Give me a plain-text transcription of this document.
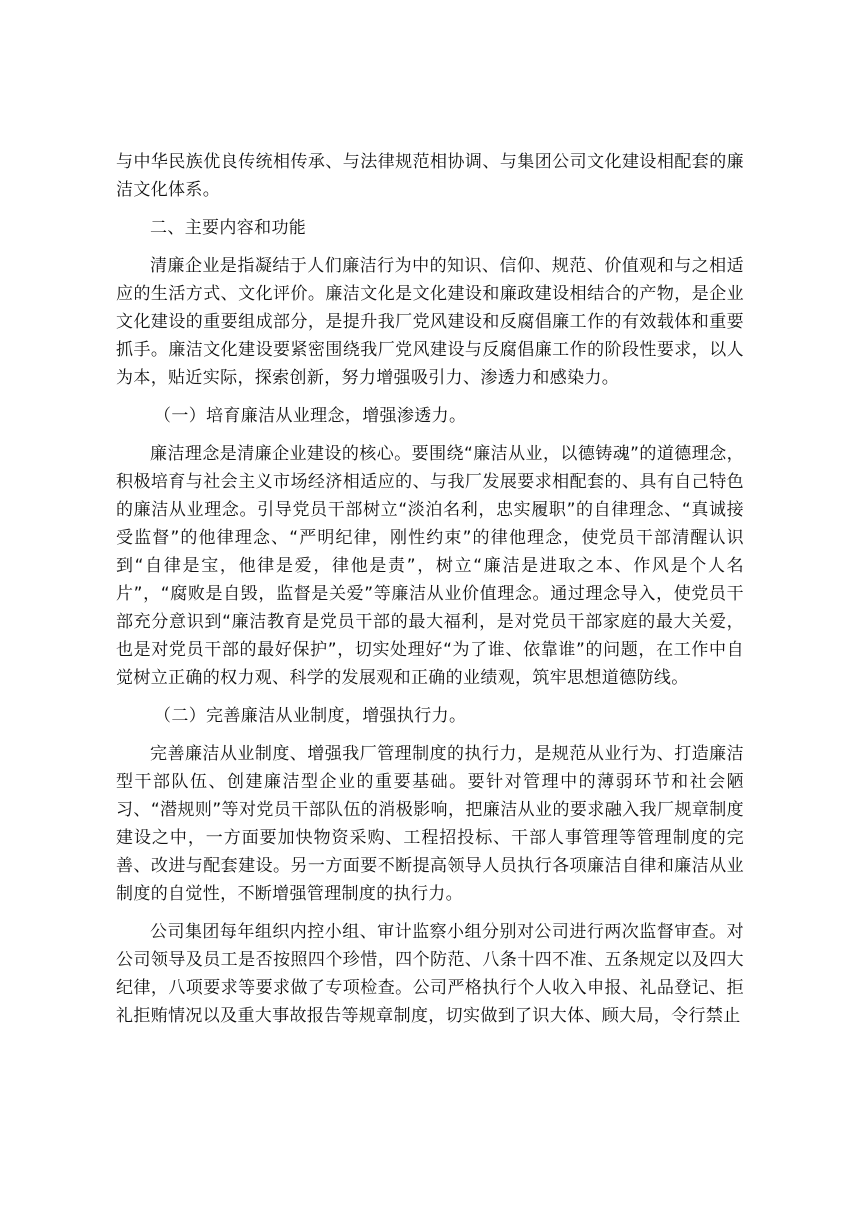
与中华民族优良传统相传承、与法律规范相协调、与集团公司文化建设相配套的廉洁文化体系。

二、主要内容和功能

清廉企业是指凝结于人们廉洁行为中的知识、信仰、规范、价值观和与之相适应的生活方式、文化评价。廉洁文化是文化建设和廉政建设相结合的产物，是企业文化建设的重要组成部分，是提升我厂党风建设和反腐倡廉工作的有效载体和重要抓手。廉洁文化建设要紧密围绕我厂党风建设与反腐倡廉工作的阶段性要求，以人为本，贴近实际，探索创新，努力增强吸引力、渗透力和感染力。

（一）培育廉洁从业理念，增强渗透力。

廉洁理念是清廉企业建设的核心。要围绕“廉洁从业，以德铸魂”的道德理念，积极培育与社会主义市场经济相适应的、与我厂发展要求相配套的、具有自己特色的廉洁从业理念。引导党员干部树立“淡泊名利，忠实履职”的自律理念、“真诚接受监督”的他律理念、“严明纪律，刚性约束”的律他理念，使党员干部清醒认识到“自律是宝，他律是爱，律他是责”，树立“廉洁是进取之本、作风是个人名片”，“腐败是自毁，监督是关爱”等廉洁从业价值理念。通过理念导入，使党员干部充分意识到“廉洁教育是党员干部的最大福利，是对党员干部家庭的最大关爱，也是对党员干部的最好保护”，切实处理好“为了谁、依靠谁”的问题，在工作中自觉树立正确的权力观、科学的发展观和正确的业绩观，筑牢思想道德防线。

（二）完善廉洁从业制度，增强执行力。

完善廉洁从业制度、增强我厂管理制度的执行力，是规范从业行为、打造廉洁型干部队伍、创建廉洁型企业的重要基础。要针对管理中的薄弱环节和社会陋习、“潜规则”等对党员干部队伍的消极影响，把廉洁从业的要求融入我厂规章制度建设之中，一方面要加快物资采购、工程招投标、干部人事管理等管理制度的完善、改进与配套建设。另一方面要不断提高领导人员执行各项廉洁自律和廉洁从业制度的自觉性，不断增强管理制度的执行力。

公司集团每年组织内控小组、审计监察小组分别对公司进行两次监督审查。对公司领导及员工是否按照四个珍惜，四个防范、八条十四不准、五条规定以及四大纪律，八项要求等要求做了专项检查。公司严格执行个人收入申报、礼品登记、拒礼拒贿情况以及重大事故报告等规章制度，切实做到了识大体、顾大局，令行禁止
